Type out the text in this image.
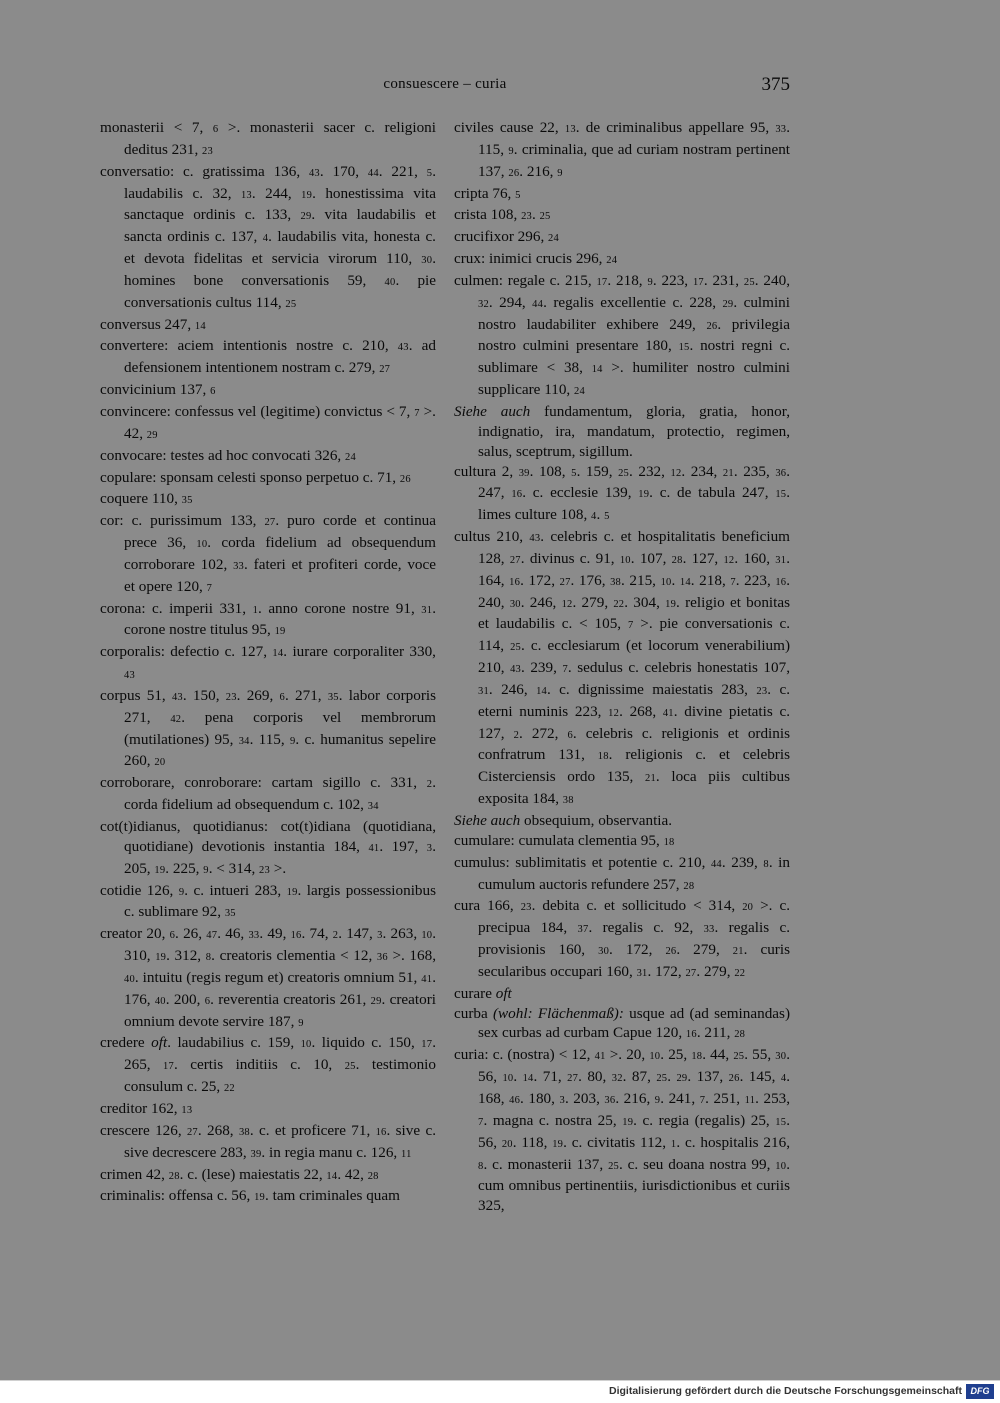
consuescere – curia	375

monasterii < 7, 6 >. monasterii sacer c. religioni deditus 231, 23

conversatio: c. gratissima 136, 43. 170, 44. 221, 5. laudabilis c. 32, 13. 244, 19. honestissima vita sanctaque ordinis c. 133, 29. vita laudabilis et sancta ordinis c. 137, 4. laudabilis vita, honesta c. et devota fidelitas et servicia virorum 110, 30. homines bone conversationis 59, 40. pie conversationis cultus 114, 25

conversus 247, 14

convertere: aciem intentionis nostre c. 210, 43. ad defensionem intentionem nostram c. 279, 27

convicinium 137, 6

convincere: confessus vel (legitime) convictus < 7, 7 >. 42, 29

convocare: testes ad hoc convocati 326, 24

copulare: sponsam celesti sponso perpetuo c. 71, 26

coquere 110, 35

cor: c. purissimum 133, 27. puro corde et continua prece 36, 10. corda fidelium ad obsequendum corroborare 102, 33. fateri et profiteri corde, voce et opere 120, 7

corona: c. imperii 331, 1. anno corone nostre 91, 31. corone nostre titulus 95, 19

corporalis: defectio c. 127, 14. iurare corporaliter 330, 43

corpus 51, 43. 150, 23. 269, 6. 271, 35. labor corporis 271, 42. pena corporis vel membrorum (mutilationes) 95, 34. 115, 9. c. humanitus sepelire 260, 20

corroborare, conroborare: cartam sigillo c. 331, 2. corda fidelium ad obsequendum c. 102, 34

cot(t)idianus, quotidianus: cot(t)idiana (quotidiana, quotidiane) devotionis instantia 184, 41. 197, 3. 205, 19. 225, 9. < 314, 23 >.

cotidie 126, 9. c. intueri 283, 19. largis possessionibus c. sublimare 92, 35

creator 20, 6. 26, 47. 46, 33. 49, 16. 74, 2. 147, 3. 263, 10. 310, 19. 312, 8. creatoris clementia < 12, 36 >. 168, 40. intuitu (regis regum et) creatoris omnium 51, 41. 176, 40. 200, 6. reverentia creatoris 261, 29. creatori omnium devote servire 187, 9

credere oft. laudabilius c. 159, 10. liquido c. 150, 17. 265, 17. certis inditiis c. 10, 25. testimonio consulum c. 25, 22

creditor 162, 13

crescere 126, 27. 268, 38. c. et proficere 71, 16. sive c. sive decrescere 283, 39. in regia manu c. 126, 11

crimen 42, 28. c. (lese) maiestatis 22, 14. 42, 28

criminalis: offensa c. 56, 19. tam criminales quam

civiles cause 22, 13. de criminalibus appellare 95, 33. 115, 9. criminalia, que ad curiam nostram pertinent 137, 26. 216, 9

cripta 76, 5

crista 108, 23. 25

crucifixor 296, 24

crux: inimici crucis 296, 24

culmen: regale c. 215, 17. 218, 9. 223, 17. 231, 25. 240, 32. 294, 44. regalis excellentie c. 228, 29. culmini nostro laudabiliter exhibere 249, 26. privilegia nostro culmini presentare 180, 15. nostri regni c. sublimare < 38, 14 >. humiliter nostro culmini supplicare 110, 24

Siehe auch fundamentum, gloria, gratia, honor, indignatio, ira, mandatum, protectio, regimen, salus, sceptrum, sigillum.

cultura 2, 39. 108, 5. 159, 25. 232, 12. 234, 21. 235, 36. 247, 16. c. ecclesie 139, 19. c. de tabula 247, 15. limes culture 108, 4. 5

cultus 210, 43. celebris c. et hospitalitatis beneficium 128, 27. divinus c. 91, 10. 107, 28. 127, 12. 160, 31. 164, 16. 172, 27. 176, 38. 215, 10. 14. 218, 7. 223, 16. 240, 30. 246, 12. 279, 22. 304, 19. religio et bonitas et laudabilis c. < 105, 7 >. pie conversationis c. 114, 25. c. ecclesiarum (et locorum venerabilium) 210, 43. 239, 7. sedulus c. celebris honestatis 107, 31. 246, 14. c. dignissime maiestatis 283, 23. c. eterni numinis 223, 12. 268, 41. divine pietatis c. 127, 2. 272, 6. celebris c. religionis et ordinis confratrum 131, 18. religionis c. et celebris Cisterciensis ordo 135, 21. loca piis cultibus exposita 184, 38

Siehe auch obsequium, observantia.

cumulare: cumulata clementia 95, 18

cumulus: sublimitatis et potentie c. 210, 44. 239, 8. in cumulum auctoris refundere 257, 28

cura 166, 23. debita c. et sollicitudo < 314, 20 >. c. precipua 184, 37. regalis c. 92, 33. regalis c. provisionis 160, 30. 172, 26. 279, 21. curis secularibus occupari 160, 31. 172, 27. 279, 22

curare oft

curba (wohl: Flächenmaß): usque ad (ad seminandas) sex curbas ad curbam Capue 120, 16. 211, 28

curia: c. (nostra) < 12, 41 >. 20, 10. 25, 18. 44, 25. 55, 30. 56, 10. 14. 71, 27. 80, 32. 87, 25. 29. 137, 26. 145, 4. 168, 46. 180, 3. 203, 36. 216, 9. 241, 7. 251, 11. 253, 7. magna c. nostra 25, 19. c. regia (regalis) 25, 15. 56, 20. 118, 19. c. civitatis 112, 1. c. hospitalis 216, 8. c. monasterii 137, 25. c. seu doana nostra 99, 10. cum omnibus pertinentiis, iurisdictionibus et curiis 325,

Digitalisierung gefördert durch die Deutsche Forschungsgemeinschaft DFG
